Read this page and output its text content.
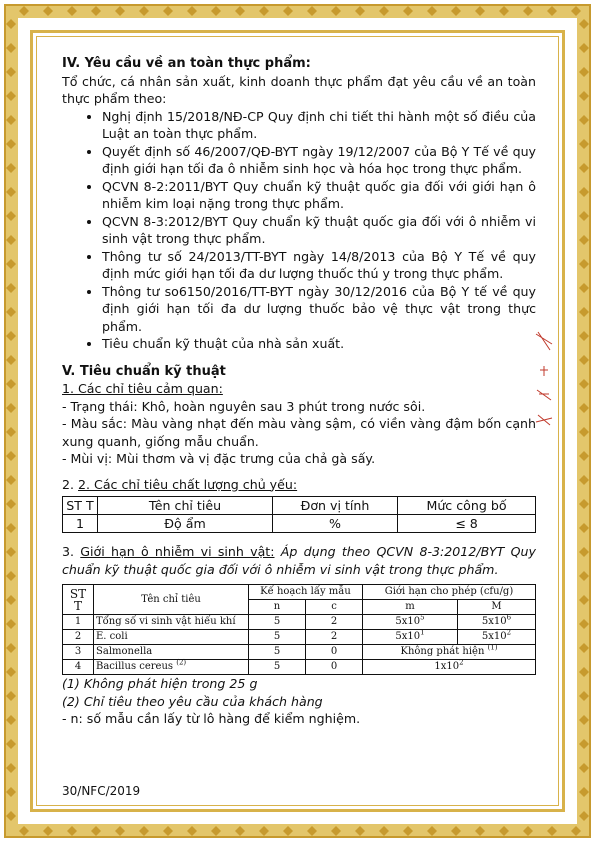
IV. Yêu cầu về an toàn thực phẩm:

Tổ chức, cá nhân sản xuất, kinh doanh thực phẩm đạt yêu cầu về an toàn thực phẩm theo:

• Nghị định 15/2018/NĐ-CP Quy định chi tiết thi hành một số điều của Luật an toàn thực phẩm.
• Quyết định số 46/2007/QĐ-BYT ngày 19/12/2007 của Bộ Y Tế về quy định giới hạn tối đa ô nhiễm sinh học và hóa học trong thực phẩm.
• QCVN 8-2:2011/BYT Quy chuẩn kỹ thuật quốc gia đối với giới hạn ô nhiễm kim loại nặng trong thực phẩm.
• QCVN 8-3:2012/BYT Quy chuẩn kỹ thuật quốc gia đối với ô nhiễm vi sinh vật trong thực phẩm.
• Thông tư số 24/2013/TT-BYT ngày 14/8/2013 của Bộ Y Tế về quy định mức giới hạn tối đa dư lượng thuốc thú y trong thực phẩm.
• Thông tư so6150/2016/TT-BYT ngày 30/12/2016 của Bộ Y tế về quy định giới hạn tối đa dư lượng thuốc bảo vệ thực vật trong thực phẩm.
• Tiêu chuẩn kỹ thuật của nhà sản xuất.
V. Tiêu chuẩn kỹ thuật

1. Các chỉ tiêu cảm quan:

- Trạng thái: Khô, hoàn nguyên sau 3 phút trong nước sôi.

- Màu sắc: Màu vàng nhạt đến màu vàng sậm, có viền vàng đậm bốn cạnh xung quanh, giống mẫu chuẩn.

- Mùi vị: Mùi thơm và vị đặc trưng của chả gà sấy.

2. 2. Các chỉ tiêu chất lượng chủ yếu:

ST T	Tên chỉ tiêu	Đơn vị tính	Mức công bố
1	Độ ẩm	%	≤ 8

3. Giới hạn ô nhiễm vi sinh vật: Áp dụng theo QCVN 8-3:2012/BYT Quy chuẩn kỹ thuật quốc gia đối với ô nhiễm vi sinh vật trong thực phẩm.

ST T	Tên chỉ tiêu	Kế hoạch lấy mẫu		Giới hạn cho phép (cfu/g)	
		n	c	m	M
1	Tổng số vi sinh vật hiếu khí	5	2	$5x10^5$	$5x10^6$
2	E. coli	5	2	$5x10^1$	$5x10^2$
3	Salmonella	5	0	Không phát hiện $^{(1)}$
4	Bacillus cereus $^{(2)}$	5	0	$1x10^2$

(1) Không phát hiện trong 25 g

(2) Chỉ tiêu theo yêu cầu của khách hàng

- n: số mẫu cần lấy từ lô hàng để kiểm nghiệm.

30/NFC/2019
